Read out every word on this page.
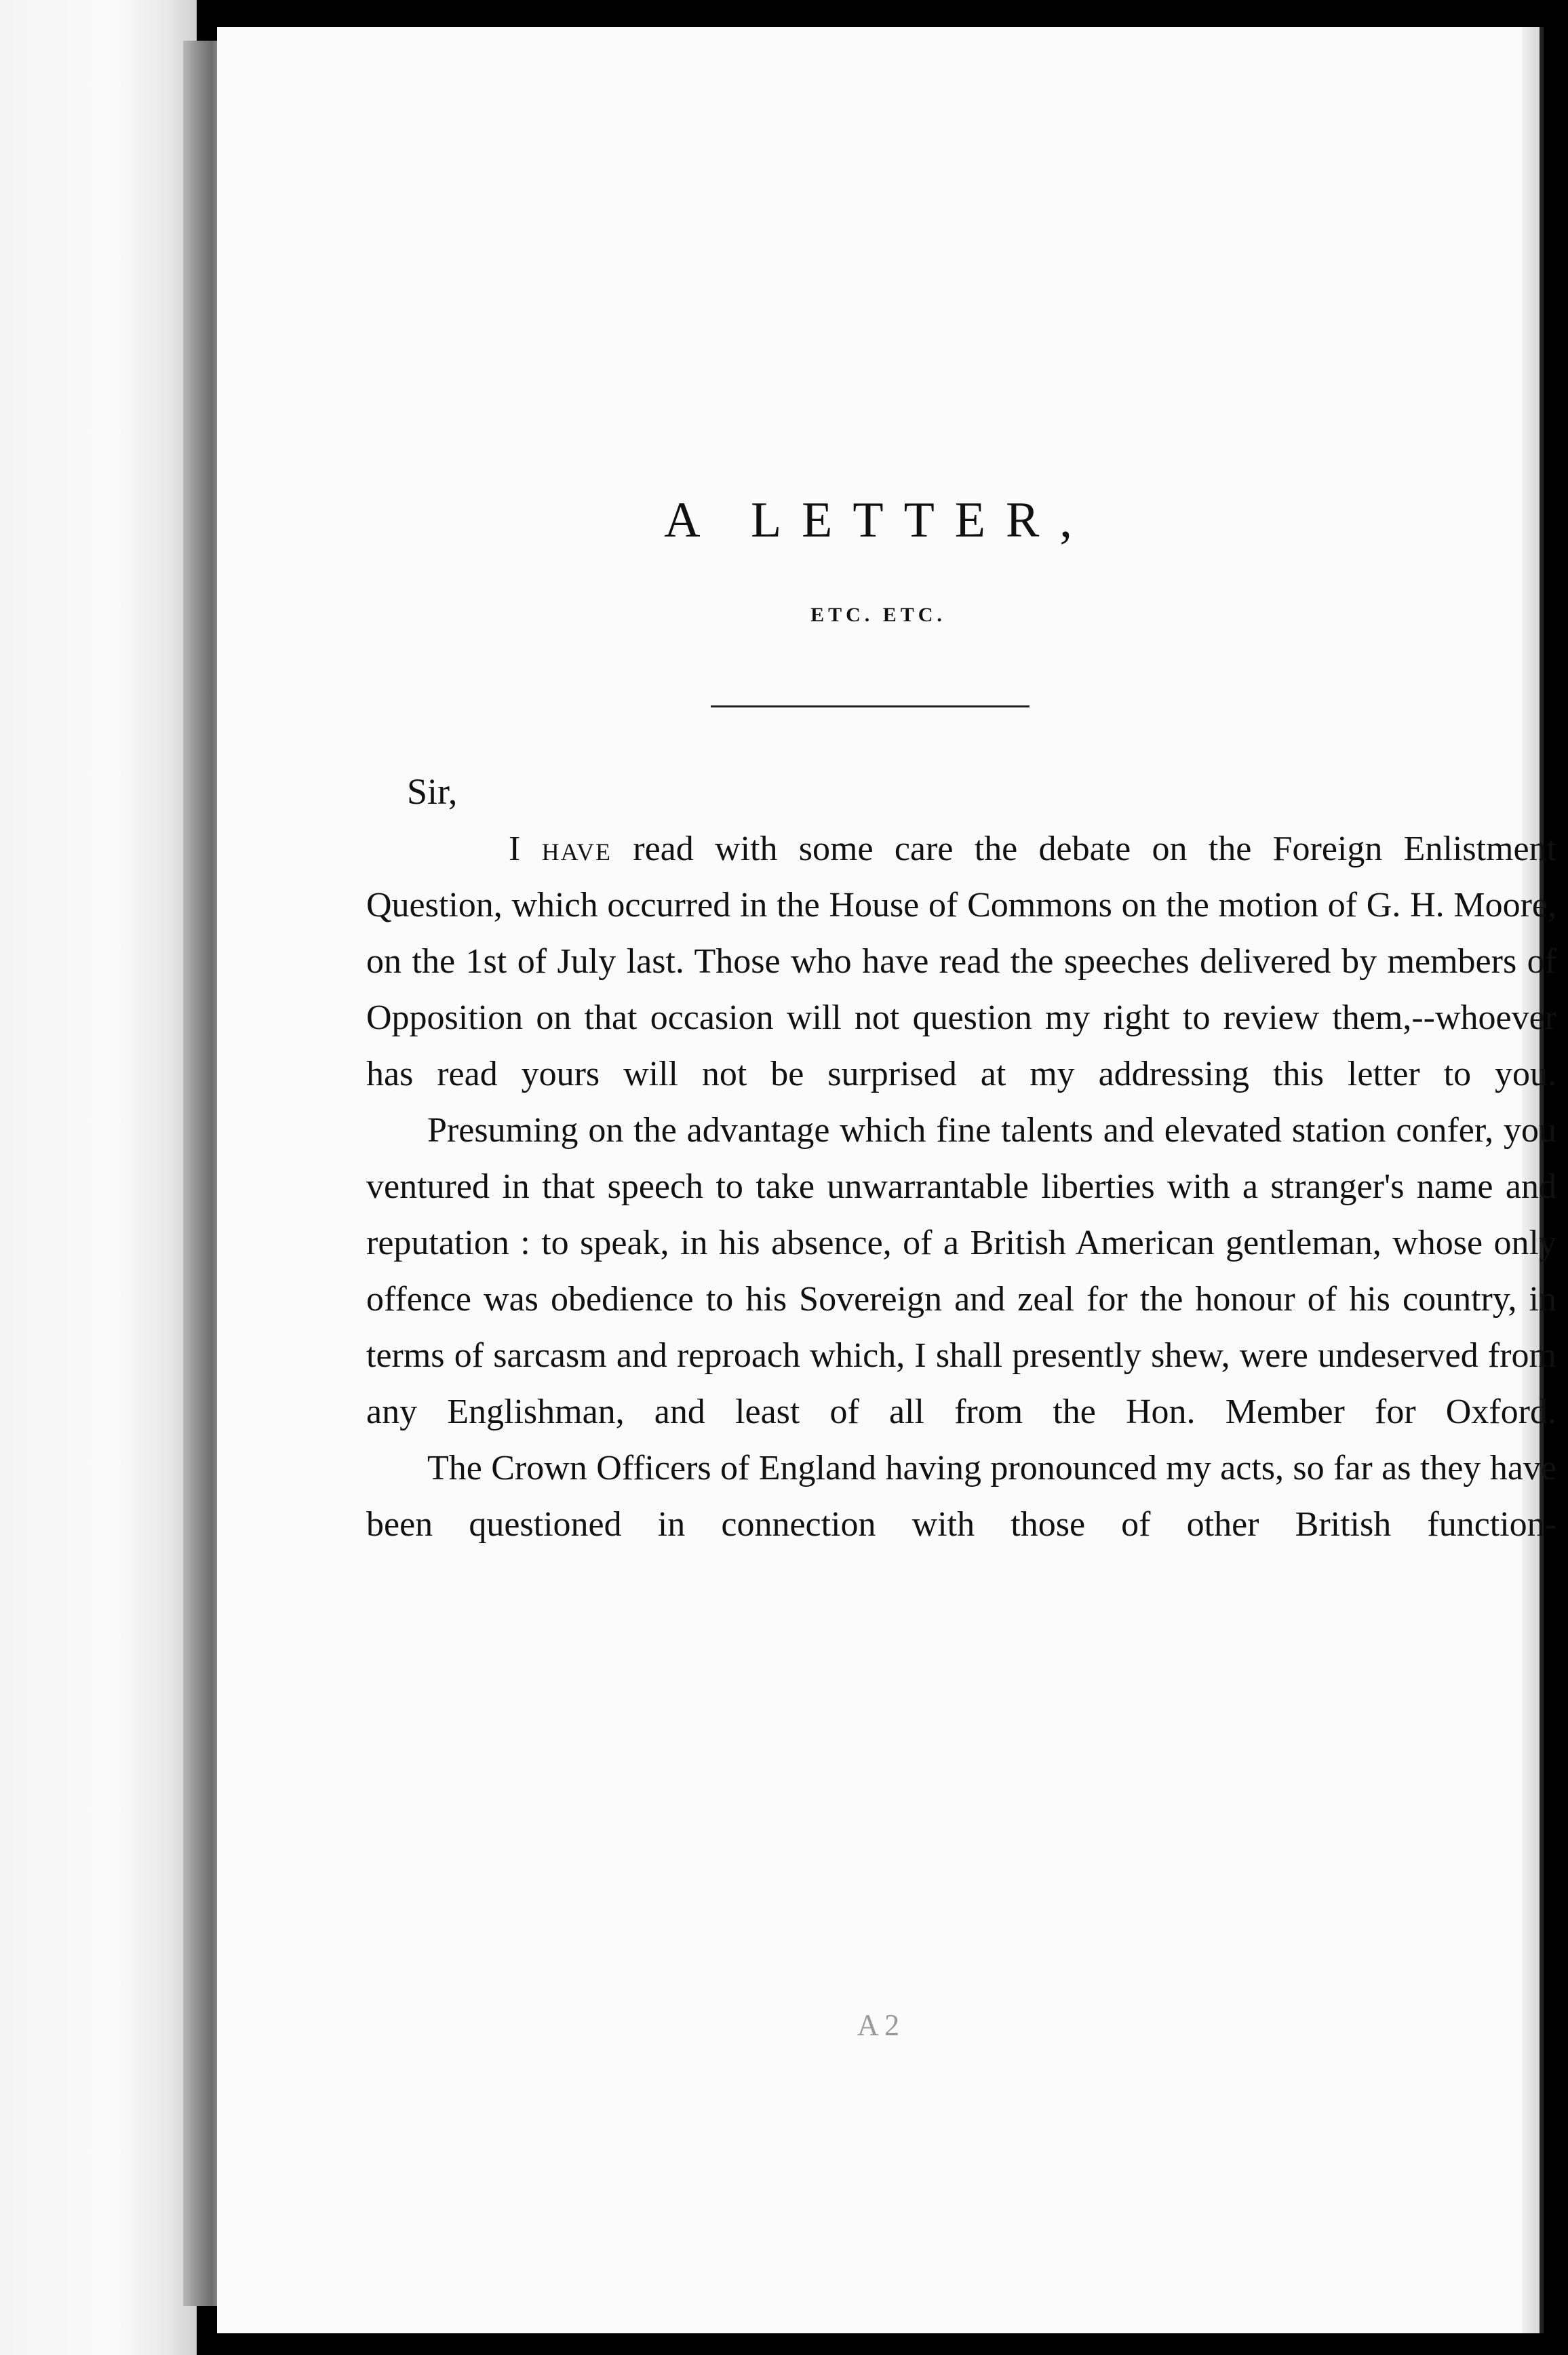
A LETTER,
ETC. ETC.
Sir,

I have read with some care the debate on the Foreign Enlistment Question, which occurred in the House of Commons on the motion of G. H. Moore, on the 1st of July last. Those who have read the speeches delivered by members of Opposition on that occasion will not question my right to review them,--whoever has read yours will not be surprised at my addressing this letter to you.

Presuming on the advantage which fine talents and elevated station confer, you ventured in that speech to take unwarrantable liberties with a stranger's name and reputation : to speak, in his absence, of a British American gentleman, whose only offence was obedience to his Sovereign and zeal for the honour of his country, in terms of sarcasm and reproach which, I shall presently shew, were undeserved from any Englishman, and least of all from the Hon. Member for Oxford.

The Crown Officers of England having pronounced my acts, so far as they have been questioned in connection with those of other British function-

A 2
